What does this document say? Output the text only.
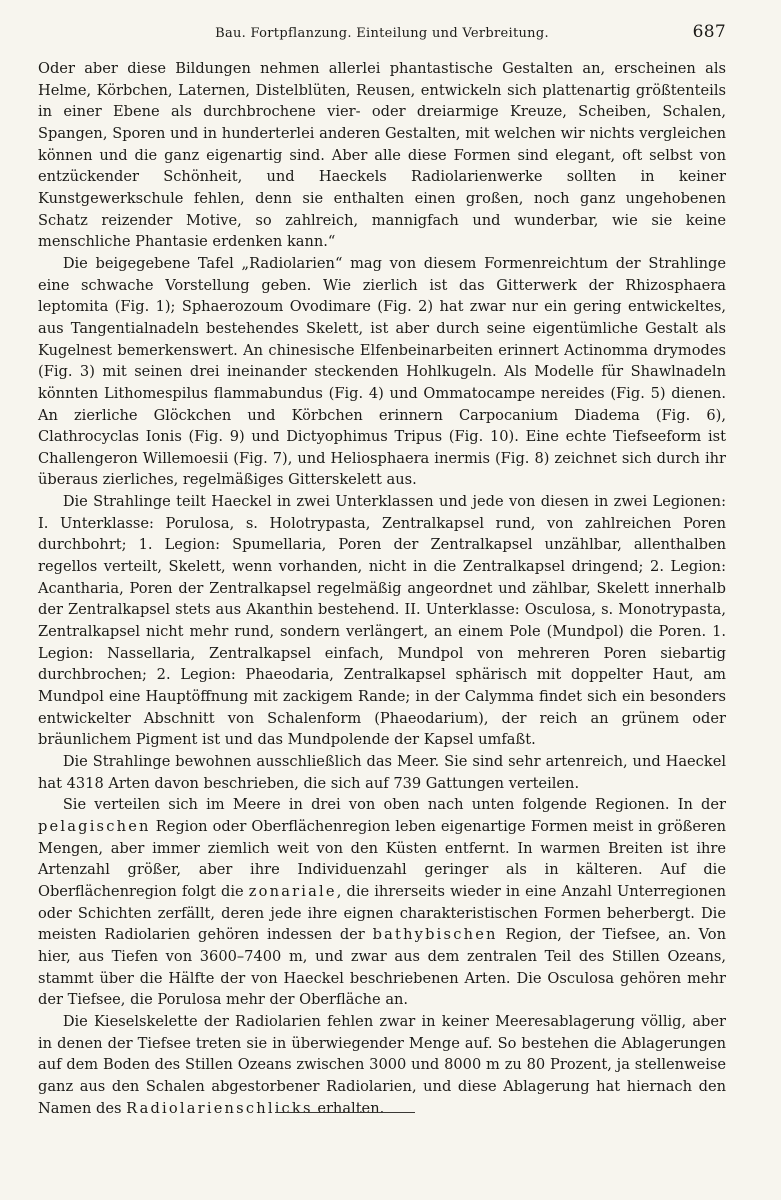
Bau. Fortpflanzung. Einteilung und Verbreitung.	687

Oder aber diese Bildungen nehmen allerlei phantastische Gestalten an, erscheinen als Helme, Körbchen, Laternen, Distelblüten, Reusen, entwickeln sich plattenartig größtenteils in einer Ebene als durchbrochene vier- oder dreiarmige Kreuze, Scheiben, Schalen, Spangen, Sporen und in hunderterlei anderen Gestalten, mit welchen wir nichts vergleichen können und die ganz eigenartig sind. Aber alle diese Formen sind elegant, oft selbst von entzückender Schönheit, und Haeckels Radiolarienwerke sollten in keiner Kunstgewerkschule fehlen, denn sie enthalten einen großen, noch ganz ungehobenen Schatz reizender Motive, so zahlreich, mannigfach und wunderbar, wie sie keine menschliche Phantasie erdenken kann.“

Die beigegebene Tafel „Radiolarien“ mag von diesem Formenreichtum der Strahlinge eine schwache Vorstellung geben. Wie zierlich ist das Gitterwerk der Rhizosphaera leptomita (Fig. 1); Sphaerozoum Ovodimare (Fig. 2) hat zwar nur ein gering entwickeltes, aus Tangentialnadeln bestehendes Skelett, ist aber durch seine eigentümliche Gestalt als Kugelnest bemerkenswert. An chinesische Elfenbeinarbeiten erinnert Actinomma drymodes (Fig. 3) mit seinen drei ineinander steckenden Hohlkugeln. Als Modelle für Shawlnadeln könnten Lithomespilus flammabundus (Fig. 4) und Ommatocampe nereides (Fig. 5) dienen. An zierliche Glöckchen und Körbchen erinnern Carpocanium Diadema (Fig. 6), Clathrocyclas Ionis (Fig. 9) und Dictyophimus Tripus (Fig. 10). Eine echte Tiefseeform ist Challengeron Willemoesii (Fig. 7), und Heliosphaera inermis (Fig. 8) zeichnet sich durch ihr überaus zierliches, regelmäßiges Gitterskelett aus.

Die Strahlinge teilt Haeckel in zwei Unterklassen und jede von diesen in zwei Legionen: I. Unterklasse: Porulosa, s. Holotrypasta, Zentralkapsel rund, von zahlreichen Poren durchbohrt; 1. Legion: Spumellaria, Poren der Zentralkapsel unzählbar, allenthalben regellos verteilt, Skelett, wenn vorhanden, nicht in die Zentralkapsel dringend; 2. Legion: Acantharia, Poren der Zentralkapsel regelmäßig angeordnet und zählbar, Skelett innerhalb der Zentralkapsel stets aus Akanthin bestehend. II. Unterklasse: Osculosa, s. Monotrypasta, Zentralkapsel nicht mehr rund, sondern verlängert, an einem Pole (Mundpol) die Poren. 1. Legion: Nassellaria, Zentralkapsel einfach, Mundpol von mehreren Poren siebartig durchbrochen; 2. Legion: Phaeodaria, Zentralkapsel sphärisch mit doppelter Haut, am Mundpol eine Hauptöffnung mit zackigem Rande; in der Calymma findet sich ein besonders entwickelter Abschnitt von Schalenform (Phaeodarium), der reich an grünem oder bräunlichem Pigment ist und das Mundpolende der Kapsel umfaßt.

Die Strahlinge bewohnen ausschließlich das Meer. Sie sind sehr artenreich, und Haeckel hat 4318 Arten davon beschrieben, die sich auf 739 Gattungen verteilen.

Sie verteilen sich im Meere in drei von oben nach unten folgende Regionen. In der pelagischen Region oder Oberflächenregion leben eigenartige Formen meist in größeren Mengen, aber immer ziemlich weit von den Küsten entfernt. In warmen Breiten ist ihre Artenzahl größer, aber ihre Individuenzahl geringer als in kälteren. Auf die Oberflächenregion folgt die zonariale, die ihrerseits wieder in eine Anzahl Unterregionen oder Schichten zerfällt, deren jede ihre eignen charakteristischen Formen beherbergt. Die meisten Radiolarien gehören indessen der bathybischen Region, der Tiefsee, an. Von hier, aus Tiefen von 3600–7400 m, und zwar aus dem zentralen Teil des Stillen Ozeans, stammt über die Hälfte der von Haeckel beschriebenen Arten. Die Osculosa gehören mehr der Tiefsee, die Porulosa mehr der Oberfläche an.

Die Kieselskelette der Radiolarien fehlen zwar in keiner Meeresablagerung völlig, aber in denen der Tiefsee treten sie in überwiegender Menge auf. So bestehen die Ablagerungen auf dem Boden des Stillen Ozeans zwischen 3000 und 8000 m zu 80 Prozent, ja stellenweise ganz aus den Schalen abgestorbener Radiolarien, und diese Ablagerung hat hiernach den Namen des Radiolarienschlicks erhalten.
